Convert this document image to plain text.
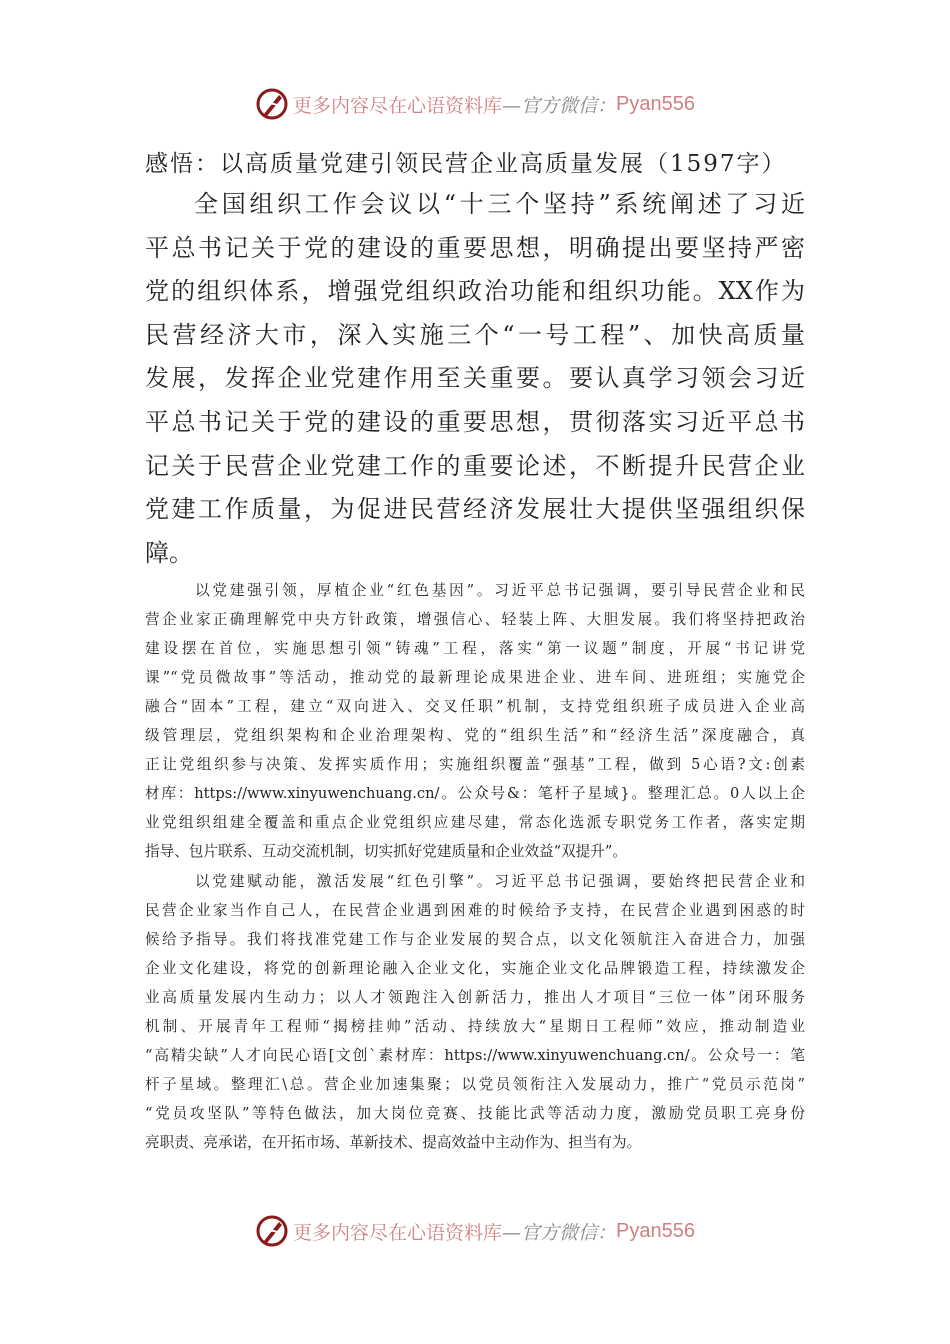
更多内容尽在心语资料库 —官方微信： Pyan556
感悟：以高质量党建引领民营企业高质量发展（1597字）
全国组织工作会议以“十三个坚持”系统阐述了习近
平总书记关于党的建设的重要思想，明确提出要坚持严密
党的组织体系，增强党组织政治功能和组织功能。XX作为
民营经济大市，深入实施三个“一号工程”、加快高质量
发展，发挥企业党建作用至关重要。要认真学习领会习近
平总书记关于党的建设的重要思想，贯彻落实习近平总书
记关于民营企业党建工作的重要论述，不断提升民营企业
党建工作质量，为促进民营经济发展壮大提供坚强组织保
障。
以党建强引领，厚植企业“红色基因”。习近平总书记强调，要引导民营企业和民
营企业家正确理解党中央方针政策，增强信心、轻装上阵、大胆发展。我们将坚持把政治
建设摆在首位，实施思想引领“铸魂”工程，落实“第一议题”制度，开展“书记讲党
课”“党员微故事”等活动，推动党的最新理论成果进企业、进车间、进班组；实施党企
融合“固本”工程，建立“双向进入、交叉任职”机制，支持党组织班子成员进入企业高
级管理层，党组织架构和企业治理架构、党的“组织生活”和“经济生活”深度融合，真
正让党组织参与决策、发挥实质作用；实施组织覆盖“强基”工程，做到 5心语?文:创素
材库：https://www.xinyuwenchuang.cn/。公众号&：笔杆子星域}。整理汇总。0人以上企
业党组织组建全覆盖和重点企业党组织应建尽建，常态化选派专职党务工作者，落实定期
指导、包片联系、互动交流机制，切实抓好党建质量和企业效益“双提升”。
以党建赋动能，激活发展“红色引擎”。习近平总书记强调，要始终把民营企业和
民营企业家当作自己人，在民营企业遇到困难的时候给予支持，在民营企业遇到困惑的时
候给予指导。我们将找准党建工作与企业发展的契合点，以文化领航注入奋进合力，加强
企业文化建设，将党的创新理论融入企业文化，实施企业文化品牌锻造工程，持续激发企
业高质量发展内生动力；以人才领跑注入创新活力，推出人才项目“三位一体”闭环服务
机制、开展青年工程师“揭榜挂帅”活动、持续放大“星期日工程师”效应，推动制造业
“高精尖缺”人才向民心语[文创`素材库：https://www.xinyuwenchuang.cn/。公众号一：笔
杆子星域。整理汇\总。营企业加速集聚；以党员领衔注入发展动力，推广“党员示范岗”
“党员攻坚队”等特色做法，加大岗位竞赛、技能比武等活动力度，激励党员职工亮身份
亮职责、亮承诺，在开拓市场、革新技术、提高效益中主动作为、担当有为。
更多内容尽在心语资料库 —官方微信： Pyan556
